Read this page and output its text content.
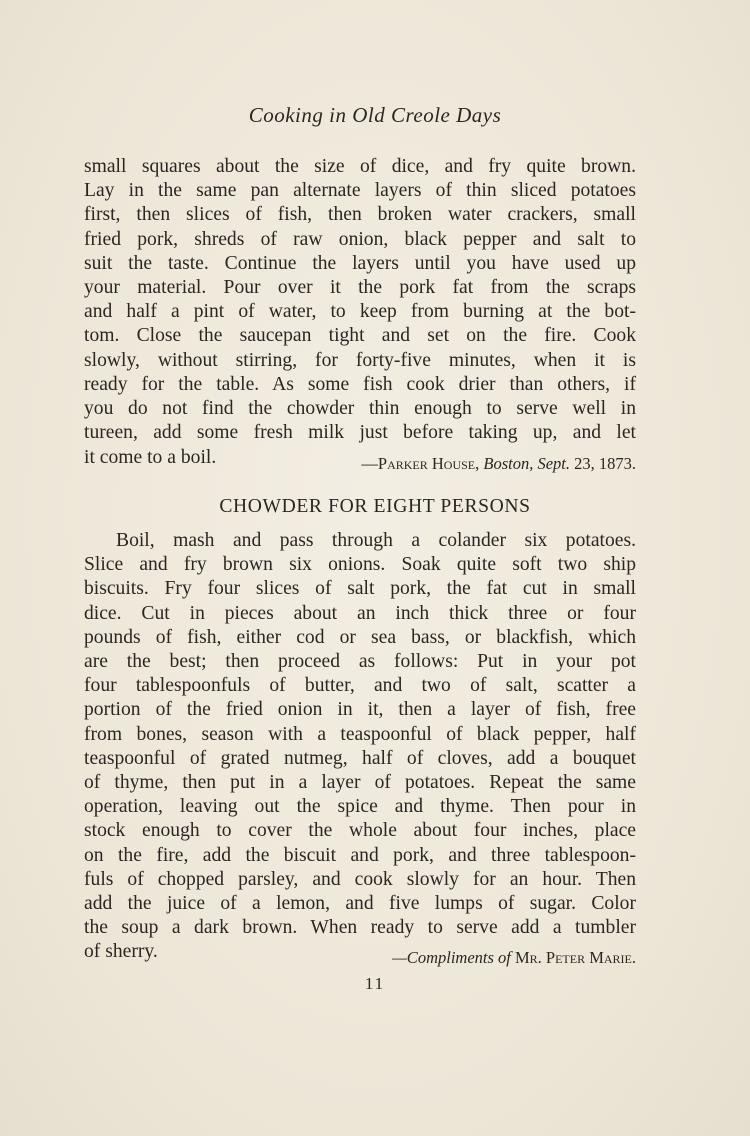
Cooking in Old Creole Days
small squares about the size of dice, and fry quite brown.
Lay in the same pan alternate layers of thin sliced potatoes
first, then slices of fish, then broken water crackers, small
fried pork, shreds of raw onion, black pepper and salt to
suit the taste. Continue the layers until you have used up
your material. Pour over it the pork fat from the scraps
and half a pint of water, to keep from burning at the bot-
tom. Close the saucepan tight and set on the fire. Cook
slowly, without stirring, for forty-five minutes, when it is
ready for the table. As some fish cook drier than others, if
you do not find the chowder thin enough to serve well in
tureen, add some fresh milk just before taking up, and let
it come to a boil.	—Parker House, Boston, Sept. 23, 1873.
CHOWDER FOR EIGHT PERSONS
Boil, mash and pass through a colander six potatoes.
Slice and fry brown six onions. Soak quite soft two ship
biscuits. Fry four slices of salt pork, the fat cut in small
dice. Cut in pieces about an inch thick three or four
pounds of fish, either cod or sea bass, or blackfish, which
are the best; then proceed as follows: Put in your pot
four tablespoonfuls of butter, and two of salt, scatter a
portion of the fried onion in it, then a layer of fish, free
from bones, season with a teaspoonful of black pepper, half
teaspoonful of grated nutmeg, half of cloves, add a bouquet
of thyme, then put in a layer of potatoes. Repeat the same
operation, leaving out the spice and thyme. Then pour in
stock enough to cover the whole about four inches, place
on the fire, add the biscuit and pork, and three tablespoon-
fuls of chopped parsley, and cook slowly for an hour. Then
add the juice of a lemon, and five lumps of sugar. Color
the soup a dark brown. When ready to serve add a tumbler
of sherry.	—Compliments of Mr. Peter Marie.
11
